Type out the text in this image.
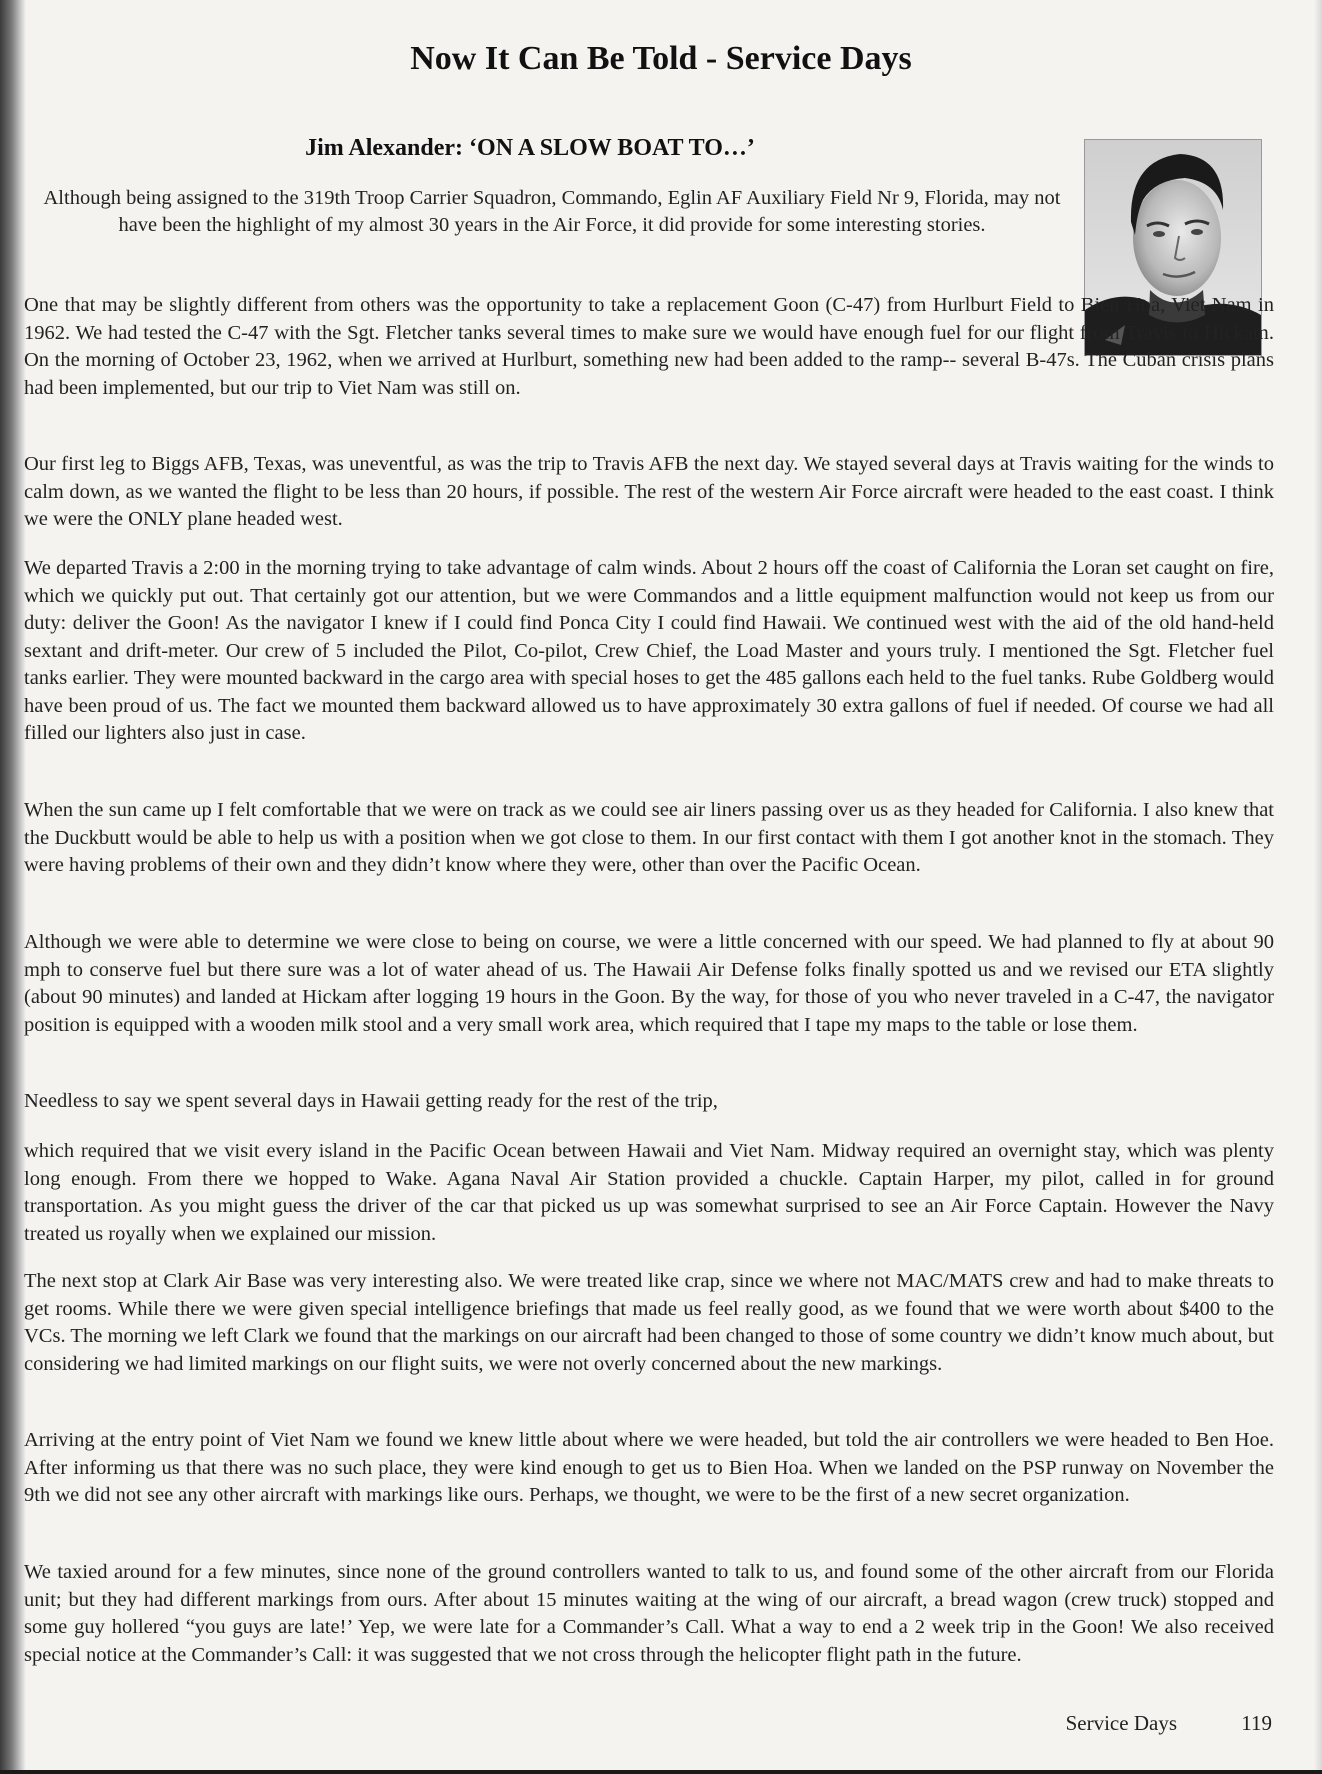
Now It Can Be Told - Service Days
Jim Alexander: ‘ON A SLOW BOAT TO…’

Although being assigned to the 319th Troop Carrier Squadron, Commando, Eglin AF Auxiliary Field Nr 9, Florida, may not have been the highlight of my almost 30 years in the Air Force, it did provide for some interesting stories.

One that may be slightly different from others was the opportunity to take a replacement Goon (C-47) from Hurlburt Field to Bien Hoa, Viet Nam in 1962. We had tested the C-47 with the Sgt. Fletcher tanks several times to make sure we would have enough fuel for our flight from Travis to Hickam. On the morning of October 23, 1962, when we arrived at Hurlburt, something new had been added to the ramp-- several B-47s. The Cuban crisis plans had been implemented, but our trip to Viet Nam was still on.

Our first leg to Biggs AFB, Texas, was uneventful, as was the trip to Travis AFB the next day. We stayed several days at Travis waiting for the winds to calm down, as we wanted the flight to be less than 20 hours, if possible. The rest of the western Air Force aircraft were headed to the east coast. I think we were the ONLY plane headed west.

We departed Travis a 2:00 in the morning trying to take advantage of calm winds. About 2 hours off the coast of California the Loran set caught on fire, which we quickly put out. That certainly got our attention, but we were Commandos and a little equipment malfunction would not keep us from our duty: deliver the Goon! As the navigator I knew if I could find Ponca City I could find Hawaii. We continued west with the aid of the old hand-held sextant and drift-meter. Our crew of 5 included the Pilot, Co-pilot, Crew Chief, the Load Master and yours truly. I mentioned the Sgt. Fletcher fuel tanks earlier. They were mounted backward in the cargo area with special hoses to get the 485 gallons each held to the fuel tanks. Rube Goldberg would have been proud of us. The fact we mounted them backward allowed us to have approximately 30 extra gallons of fuel if needed. Of course we had all filled our lighters also just in case.

When the sun came up I felt comfortable that we were on track as we could see air liners passing over us as they headed for California. I also knew that the Duckbutt would be able to help us with a position when we got close to them. In our first contact with them I got another knot in the stomach. They were having problems of their own and they didn’t know where they were, other than over the Pacific Ocean.

Although we were able to determine we were close to being on course, we were a little concerned with our speed. We had planned to fly at about 90 mph to conserve fuel but there sure was a lot of water ahead of us. The Hawaii Air Defense folks finally spotted us and we revised our ETA slightly (about 90 minutes) and landed at Hickam after logging 19 hours in the Goon. By the way, for those of you who never traveled in a C-47, the navigator position is equipped with a wooden milk stool and a very small work area, which required that I tape my maps to the table or lose them.

Needless to say we spent several days in Hawaii getting ready for the rest of the trip,

which required that we visit every island in the Pacific Ocean between Hawaii and Viet Nam. Midway required an overnight stay, which was plenty long enough. From there we hopped to Wake. Agana Naval Air Station provided a chuckle. Captain Harper, my pilot, called in for ground transportation. As you might guess the driver of the car that picked us up was somewhat surprised to see an Air Force Captain. However the Navy treated us royally when we explained our mission.

The next stop at Clark Air Base was very interesting also. We were treated like crap, since we where not MAC/MATS crew and had to make threats to get rooms. While there we were given special intelligence briefings that made us feel really good, as we found that we were worth about $400 to the VCs. The morning we left Clark we found that the markings on our aircraft had been changed to those of some country we didn’t know much about, but considering we had limited markings on our flight suits, we were not overly concerned about the new markings.

Arriving at the entry point of Viet Nam we found we knew little about where we were headed, but told the air controllers we were headed to Ben Hoe. After informing us that there was no such place, they were kind enough to get us to Bien Hoa. When we landed on the PSP runway on November the 9th we did not see any other aircraft with markings like ours. Perhaps, we thought, we were to be the first of a new secret organization.

We taxied around for a few minutes, since none of the ground controllers wanted to talk to us, and found some of the other aircraft from our Florida unit; but they had different markings from ours. After about 15 minutes waiting at the wing of our aircraft, a bread wagon (crew truck) stopped and some guy hollered “you guys are late!’ Yep, we were late for a Commander’s Call. What a way to end a 2 week trip in the Goon! We also received special notice at the Commander’s Call: it was suggested that we not cross through the helicopter flight path in the future.

Service Days	119
